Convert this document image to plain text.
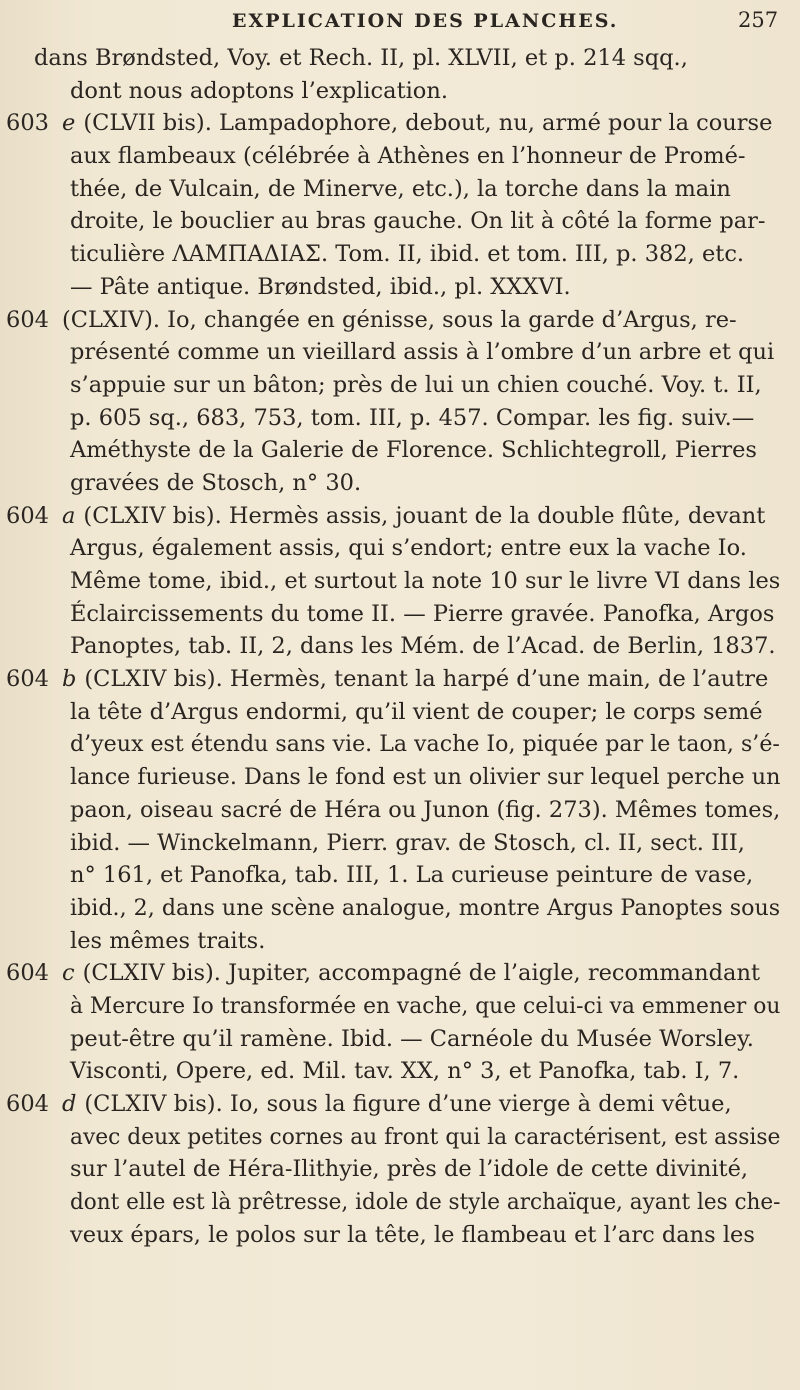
EXPLICATION DES PLANCHES.	257
dans Brøndsted, Voy. et Rech. II, pl. XLVII, et p. 214 sqq.,
dont nous adoptons l’explication.
603 e (CLVII bis). Lampadophore, debout, nu, armé pour la course
aux flambeaux (célébrée à Athènes en l’honneur de Promé-
thée, de Vulcain, de Minerve, etc.), la torche dans la main
droite, le bouclier au bras gauche. On lit à côté la forme par-
ticulière ΛΑΜΠΑΔΙΑΣ. Tom. II, ibid. et tom. III, p. 382, etc.
— Pâte antique. Brøndsted, ibid., pl. XXXVI.
604 (CLXIV). Io, changée en génisse, sous la garde d’Argus, re-
présenté comme un vieillard assis à l’ombre d’un arbre et qui
s’appuie sur un bâton; près de lui un chien couché. Voy. t. II,
p. 605 sq., 683, 753, tom. III, p. 457. Compar. les fig. suiv.—
Améthyste de la Galerie de Florence. Schlichtegroll, Pierres
gravées de Stosch, n° 30.
604 a (CLXIV bis). Hermès assis, jouant de la double flûte, devant
Argus, également assis, qui s’endort; entre eux la vache Io.
Même tome, ibid., et surtout la note 10 sur le livre VI dans les
Éclaircissements du tome II. — Pierre gravée. Panofka, Argos
Panoptes, tab. II, 2, dans les Mém. de l’Acad. de Berlin, 1837.
604 b (CLXIV bis). Hermès, tenant la harpé d’une main, de l’autre
la tête d’Argus endormi, qu’il vient de couper; le corps semé
d’yeux est étendu sans vie. La vache Io, piquée par le taon, s’é-
lance furieuse. Dans le fond est un olivier sur lequel perche un
paon, oiseau sacré de Héra ou Junon (fig. 273). Mêmes tomes,
ibid. — Winckelmann, Pierr. grav. de Stosch, cl. II, sect. III,
n° 161, et Panofka, tab. III, 1. La curieuse peinture de vase,
ibid., 2, dans une scène analogue, montre Argus Panoptes sous
les mêmes traits.
604 c (CLXIV bis). Jupiter, accompagné de l’aigle, recommandant
à Mercure Io transformée en vache, que celui-ci va emmener ou
peut-être qu’il ramène. Ibid. — Carnéole du Musée Worsley.
Visconti, Opere, ed. Mil. tav. XX, n° 3, et Panofka, tab. I, 7.
604 d (CLXIV bis). Io, sous la figure d’une vierge à demi vêtue,
avec deux petites cornes au front qui la caractérisent, est assise
sur l’autel de Héra-Ilithyie, près de l’idole de cette divinité,
dont elle est là prêtresse, idole de style archaïque, ayant les che-
veux épars, le polos sur la tête, le flambeau et l’arc dans les
